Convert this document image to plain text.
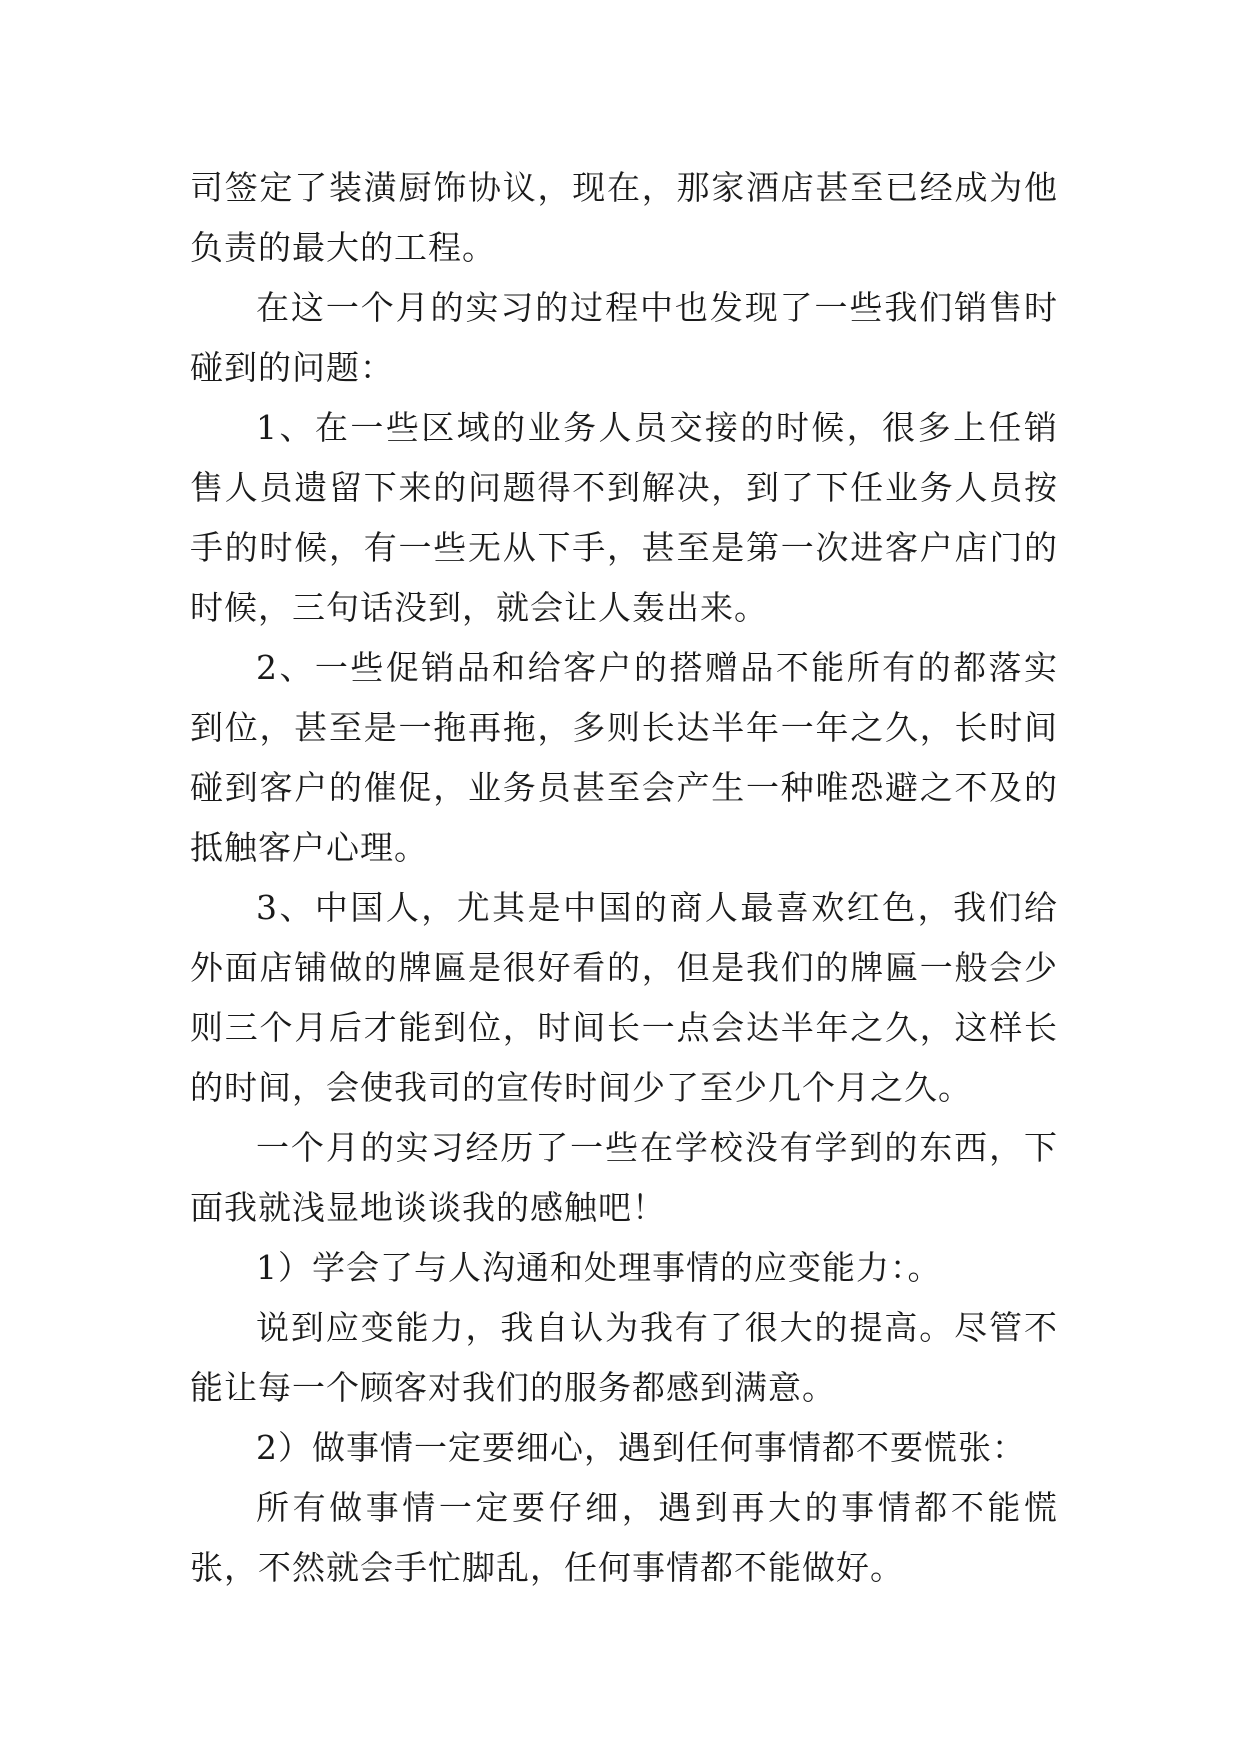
司签定了装潢厨饰协议，现在，那家酒店甚至已经成为他负责的最大的工程。

在这一个月的实习的过程中也发现了一些我们销售时碰到的问题：

1、在一些区域的业务人员交接的时候，很多上任销售人员遗留下来的问题得不到解决，到了下任业务人员按手的时候，有一些无从下手，甚至是第一次进客户店门的时候，三句话没到，就会让人轰出来。

2、一些促销品和给客户的搭赠品不能所有的都落实到位，甚至是一拖再拖，多则长达半年一年之久，长时间碰到客户的催促，业务员甚至会产生一种唯恐避之不及的抵触客户心理。

3、中国人，尤其是中国的商人最喜欢红色，我们给外面店铺做的牌匾是很好看的，但是我们的牌匾一般会少则三个月后才能到位，时间长一点会达半年之久，这样长的时间，会使我司的宣传时间少了至少几个月之久。

一个月的实习经历了一些在学校没有学到的东西，下面我就浅显地谈谈我的感触吧！

1）学会了与人沟通和处理事情的应变能力：。

说到应变能力，我自认为我有了很大的提高。尽管不能让每一个顾客对我们的服务都感到满意。

2）做事情一定要细心，遇到任何事情都不要慌张：

所有做事情一定要仔细，遇到再大的事情都不能慌张，不然就会手忙脚乱，任何事情都不能做好。
